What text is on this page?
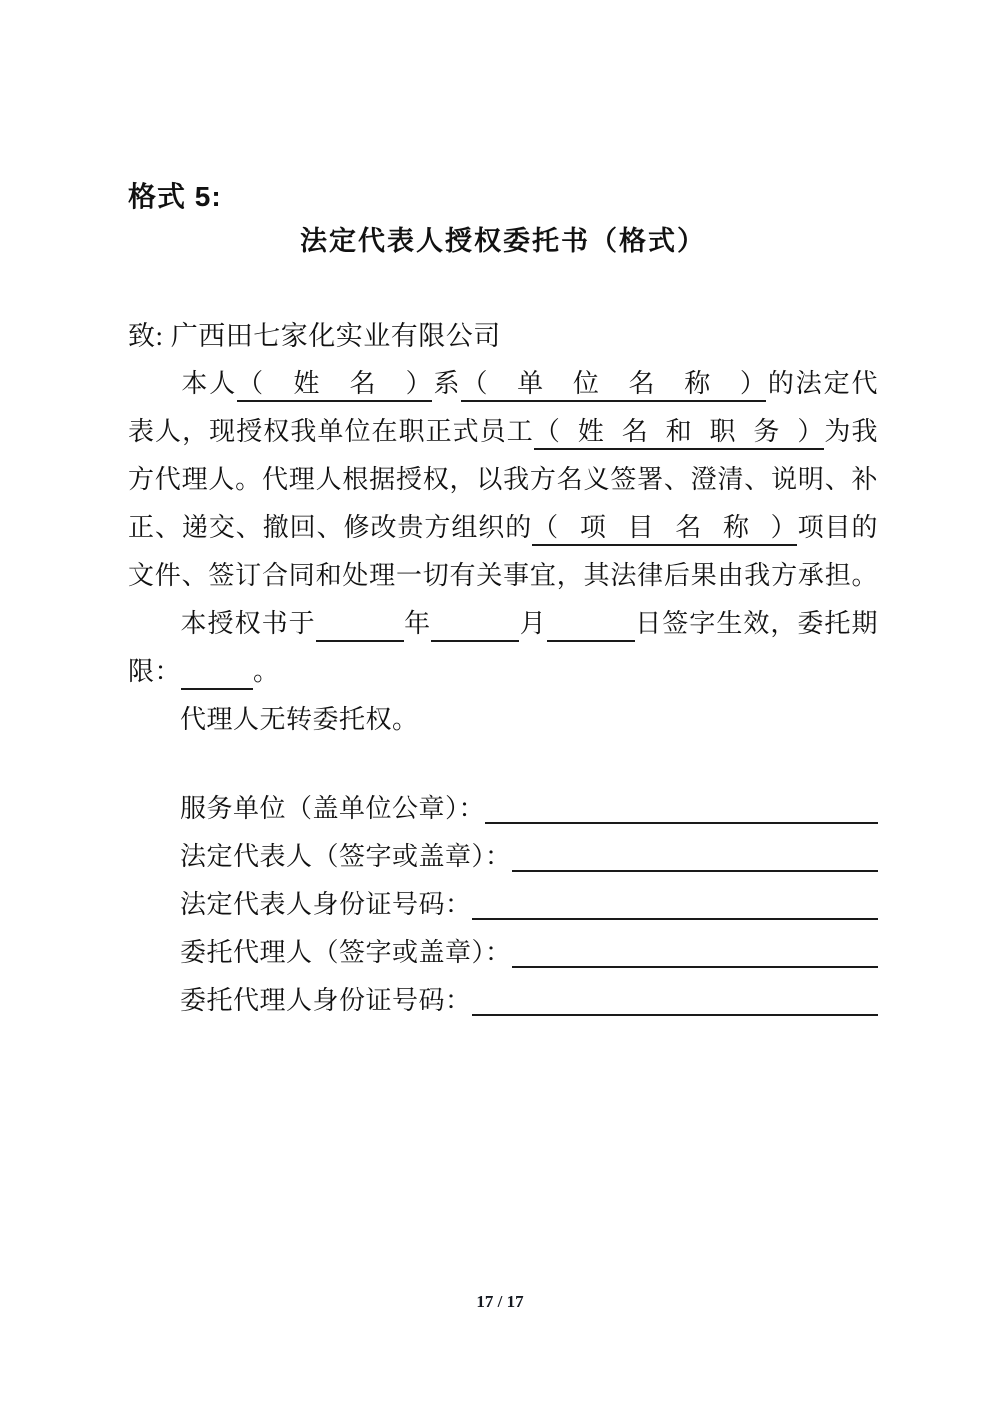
格式 5:
法定代表人授权委托书（格式）
致: 广西田七家化实业有限公司
本人（姓名）系（单位名称）的法定代
表人，现授权我单位在职正式员工（姓名和职务）为我
方代理人。代理人根据授权，以我方名义签署、澄清、说明、补
正、递交、撤回、修改贵方组织的（项目名称）项目的
文件、签订合同和处理一切有关事宜，其法律后果由我方承担。
本授权书于	年	月	日签字生效，委托期
限：	。
代理人无转委托权。
服务单位（盖单位公章）：
法定代表人（签字或盖章）：
法定代表人身份证号码：
委托代理人（签字或盖章）：
委托代理人身份证号码：
17 / 17
